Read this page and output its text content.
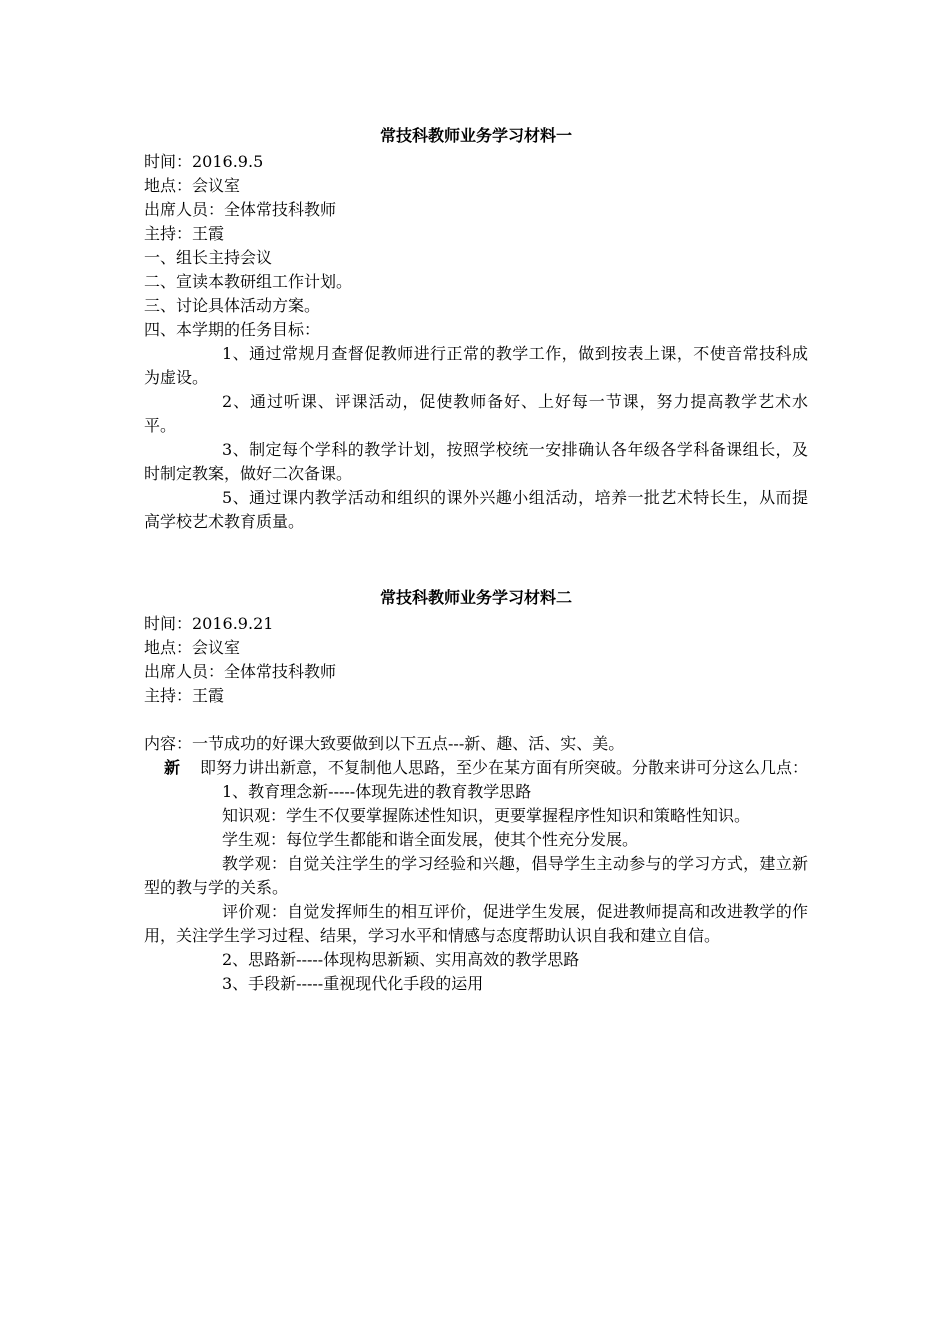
常技科教师业务学习材料一

时间：2016.9.5

地点：会议室

出席人员：全体常技科教师

主持：王霞

一、组长主持会议

二、宣读本教研组工作计划。

三、讨论具体活动方案。

四、本学期的任务目标：

1、通过常规月查督促教师进行正常的教学工作，做到按表上课，不使音常技科成为虚设。

2、通过听课、评课活动，促使教师备好、上好每一节课，努力提高教学艺术水平。

3、制定每个学科的教学计划，按照学校统一安排确认各年级各学科备课组长，及时制定教案，做好二次备课。

5、通过课内教学活动和组织的课外兴趣小组活动，培养一批艺术特长生，从而提高学校艺术教育质量。

常技科教师业务学习材料二

时间：2016.9.21

地点：会议室

出席人员：全体常技科教师

主持：王霞

内容：一节成功的好课大致要做到以下五点---新、趣、活、实、美。

新 即努力讲出新意，不复制他人思路，至少在某方面有所突破。分散来讲可分这么几点：

1、教育理念新-----体现先进的教育教学思路

知识观：学生不仅要掌握陈述性知识，更要掌握程序性知识和策略性知识。

学生观：每位学生都能和谐全面发展，使其个性充分发展。

教学观：自觉关注学生的学习经验和兴趣，倡导学生主动参与的学习方式，建立新型的教与学的关系。

评价观：自觉发挥师生的相互评价，促进学生发展，促进教师提高和改进教学的作用，关注学生学习过程、结果，学习水平和情感与态度帮助认识自我和建立自信。

2、思路新-----体现构思新颖、实用高效的教学思路

3、手段新-----重视现代化手段的运用
